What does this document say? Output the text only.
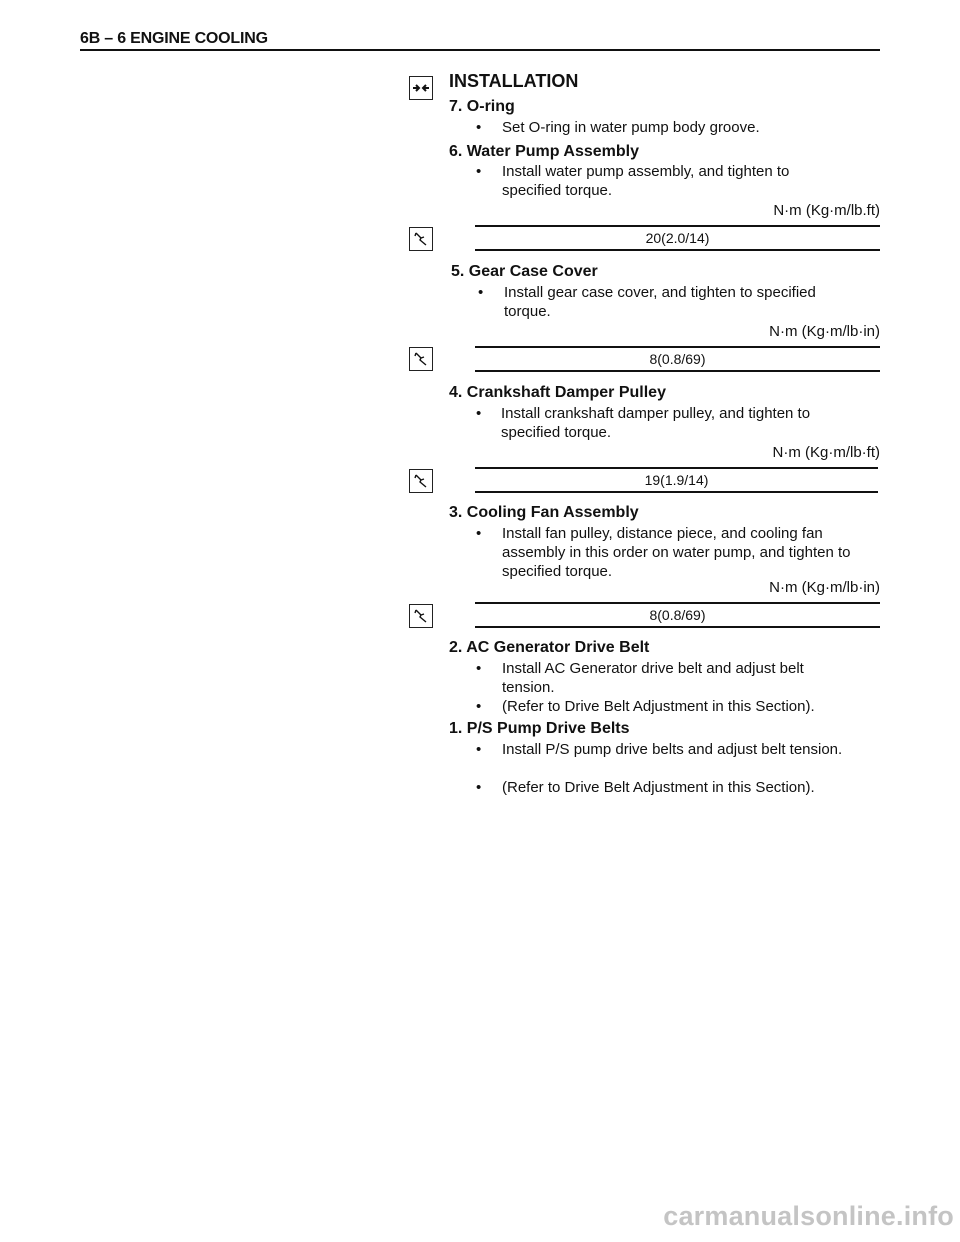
6B – 6 ENGINE COOLING
INSTALLATION
7. O-ring
• Set O-ring in water pump body groove.
6. Water Pump Assembly
• Install water pump assembly, and tighten to specified torque.
N·m (Kg·m/lb.ft)
20(2.0/14)
5. Gear Case Cover
• Install gear case cover, and tighten to specified torque.
N·m (Kg·m/lb·in)
8(0.8/69)
4. Crankshaft Damper Pulley
• Install crankshaft damper pulley, and tighten to specified torque.
N·m (Kg·m/lb·ft)
19(1.9/14)
3. Cooling Fan Assembly
• Install fan pulley, distance piece, and cooling fan assembly in this order on water pump, and tighten to specified torque.
N·m (Kg·m/lb·in)
8(0.8/69)
2. AC Generator Drive Belt
• Install AC Generator drive belt and adjust belt tension.
• (Refer to Drive Belt Adjustment in this Section).
1. P/S Pump Drive Belts
• Install P/S pump drive belts and adjust belt tension.
• (Refer to Drive Belt Adjustment in this Section).
carmanualsonline.info
